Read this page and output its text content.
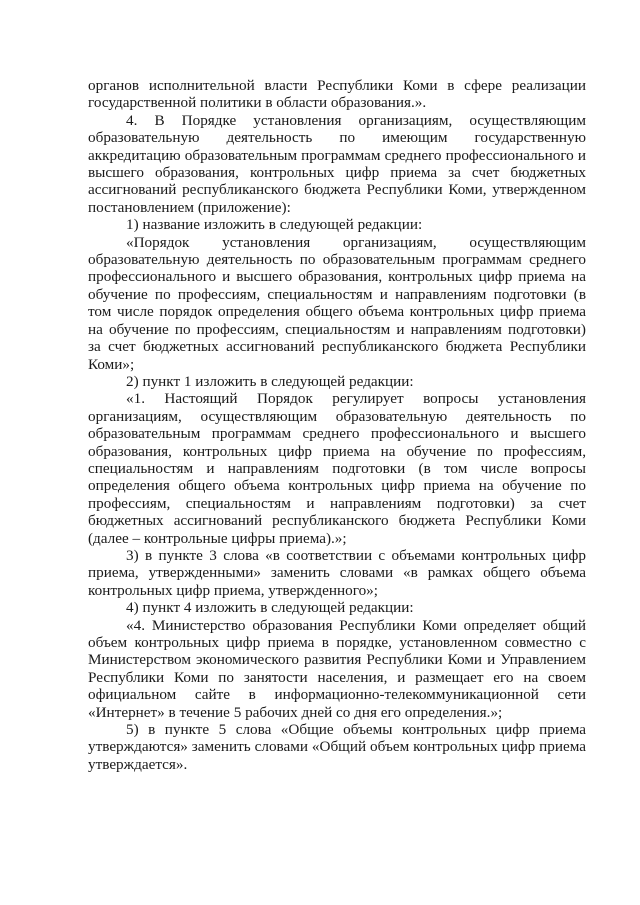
органов исполнительной власти Республики Коми в сфере реализации государственной политики в области образования.».

4. В Порядке установления организациям, осуществляющим образовательную деятельность по имеющим государственную аккредитацию образовательным программам среднего профессионального и высшего образования, контрольных цифр приема за счет бюджетных ассигнований республиканского бюджета Республики Коми, утвержденном постановлением (приложение):

1) название изложить в следующей редакции:

«Порядок установления организациям, осуществляющим образовательную деятельность по образовательным программам среднего профессионального и высшего образования, контрольных цифр приема на обучение по профессиям, специальностям и направлениям подготовки (в том числе порядок определения общего объема контрольных цифр приема на обучение по профессиям, специальностям и направлениям подготовки) за счет бюджетных ассигнований республиканского бюджета Республики Коми»;

2) пункт 1 изложить в следующей редакции:

«1. Настоящий Порядок регулирует вопросы установления организациям, осуществляющим образовательную деятельность по образовательным программам среднего профессионального и высшего образования, контрольных цифр приема на обучение по профессиям, специальностям и направлениям подготовки (в том числе вопросы определения общего объема контрольных цифр приема на обучение по профессиям, специальностям и направлениям подготовки) за счет бюджетных ассигнований республиканского бюджета Республики Коми (далее – контрольные цифры приема).»;

3) в пункте 3 слова «в соответствии с объемами контрольных цифр приема, утвержденными» заменить словами «в рамках общего объема контрольных цифр приема, утвержденного»;

4) пункт 4 изложить в следующей редакции:

«4. Министерство образования Республики Коми определяет общий объем контрольных цифр приема в порядке, установленном совместно с Министерством экономического развития Республики Коми и Управлением Республики Коми по занятости населения, и размещает его на своем официальном сайте в информационно-телекоммуникационной сети «Интернет» в течение 5 рабочих дней со дня его определения.»;

5) в пункте 5 слова «Общие объемы контрольных цифр приема утверждаются» заменить словами «Общий объем контрольных цифр приема утверждается».
